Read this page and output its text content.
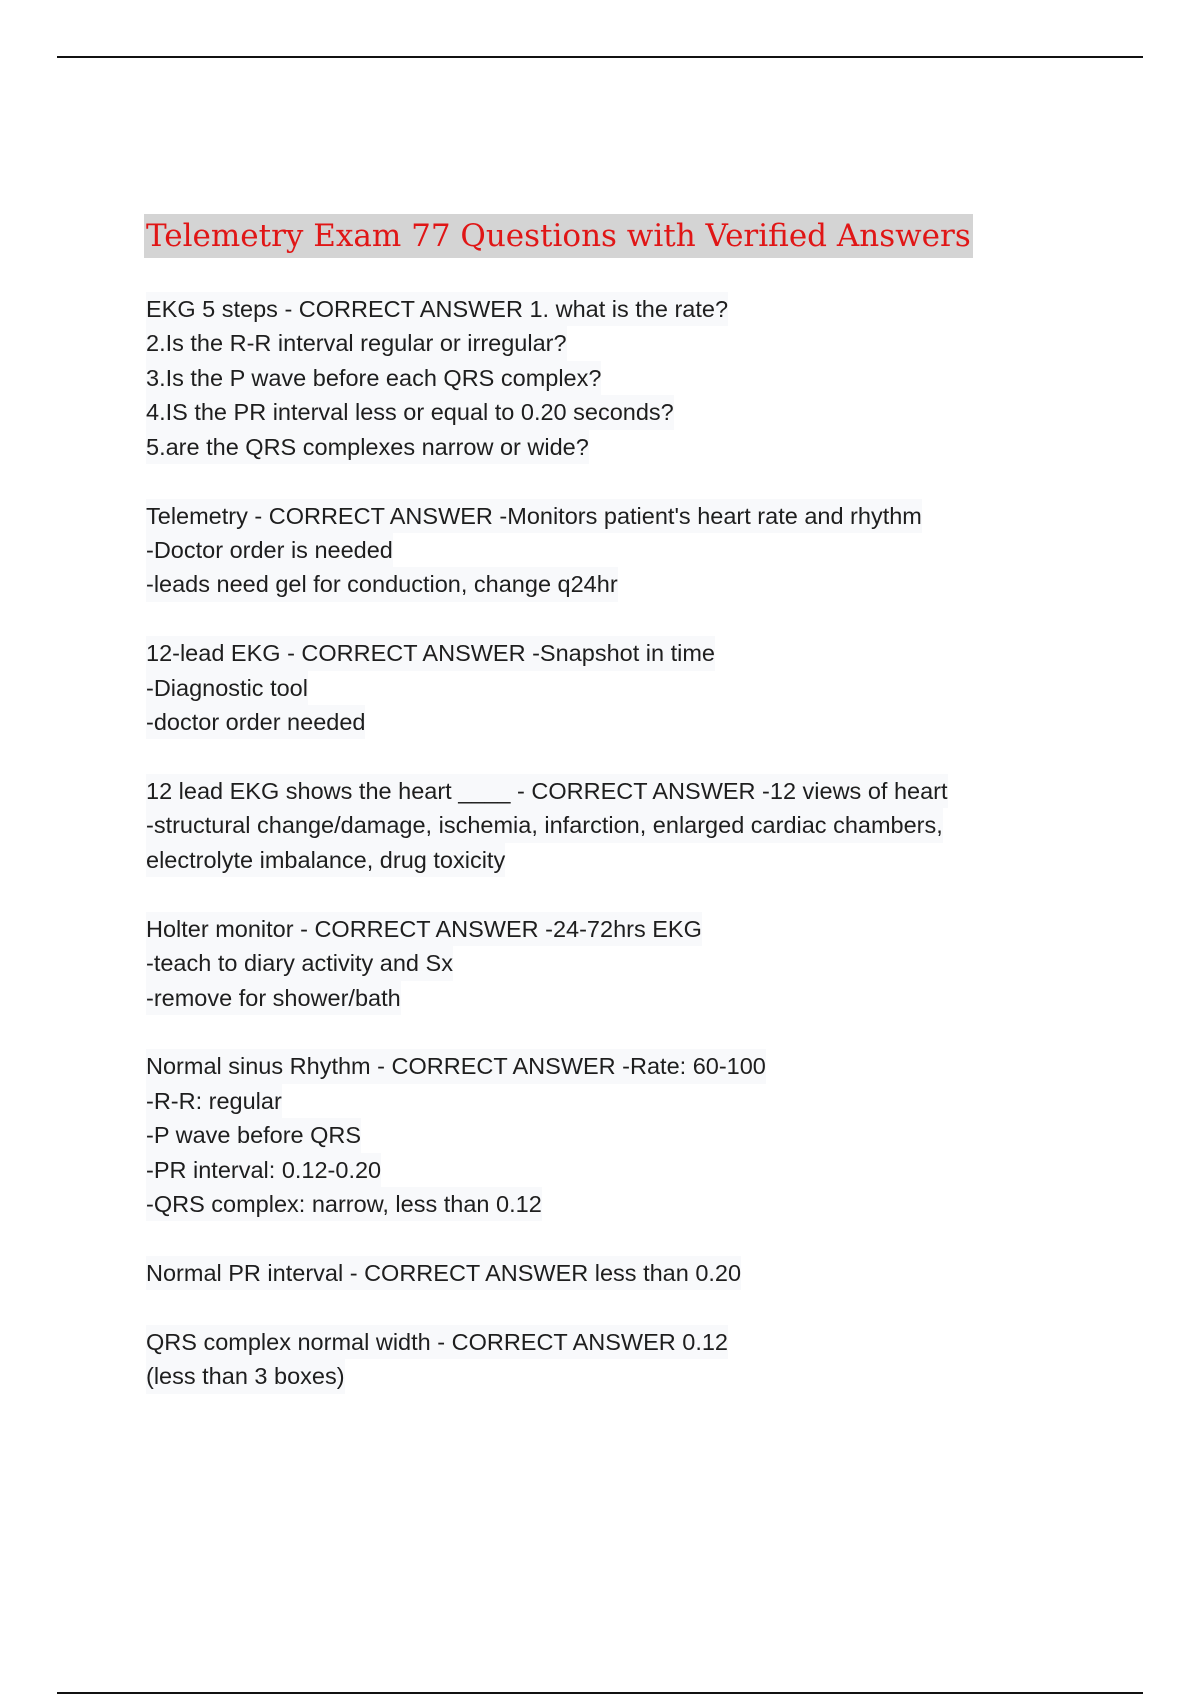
Telemetry Exam 77 Questions with Verified Answers
EKG 5 steps - CORRECT ANSWER 1. what is the rate?
2.Is the R-R interval regular or irregular?
3.Is the P wave before each QRS complex?
4.IS the PR interval less or equal to 0.20 seconds?
5.are the QRS complexes narrow or wide?
Telemetry - CORRECT ANSWER -Monitors patient's heart rate and rhythm
-Doctor order is needed
-leads need gel for conduction, change q24hr
12-lead EKG - CORRECT ANSWER -Snapshot in time
-Diagnostic tool
-doctor order needed
12 lead EKG shows the heart ____ - CORRECT ANSWER -12 views of heart
-structural change/damage, ischemia, infarction, enlarged cardiac chambers,
electrolyte imbalance, drug toxicity
Holter monitor - CORRECT ANSWER -24-72hrs EKG
-teach to diary activity and Sx
-remove for shower/bath
Normal sinus Rhythm - CORRECT ANSWER -Rate: 60-100
-R-R: regular
-P wave before QRS
-PR interval: 0.12-0.20
-QRS complex: narrow, less than 0.12
Normal PR interval - CORRECT ANSWER less than 0.20
QRS complex normal width - CORRECT ANSWER 0.12
(less than 3 boxes)
